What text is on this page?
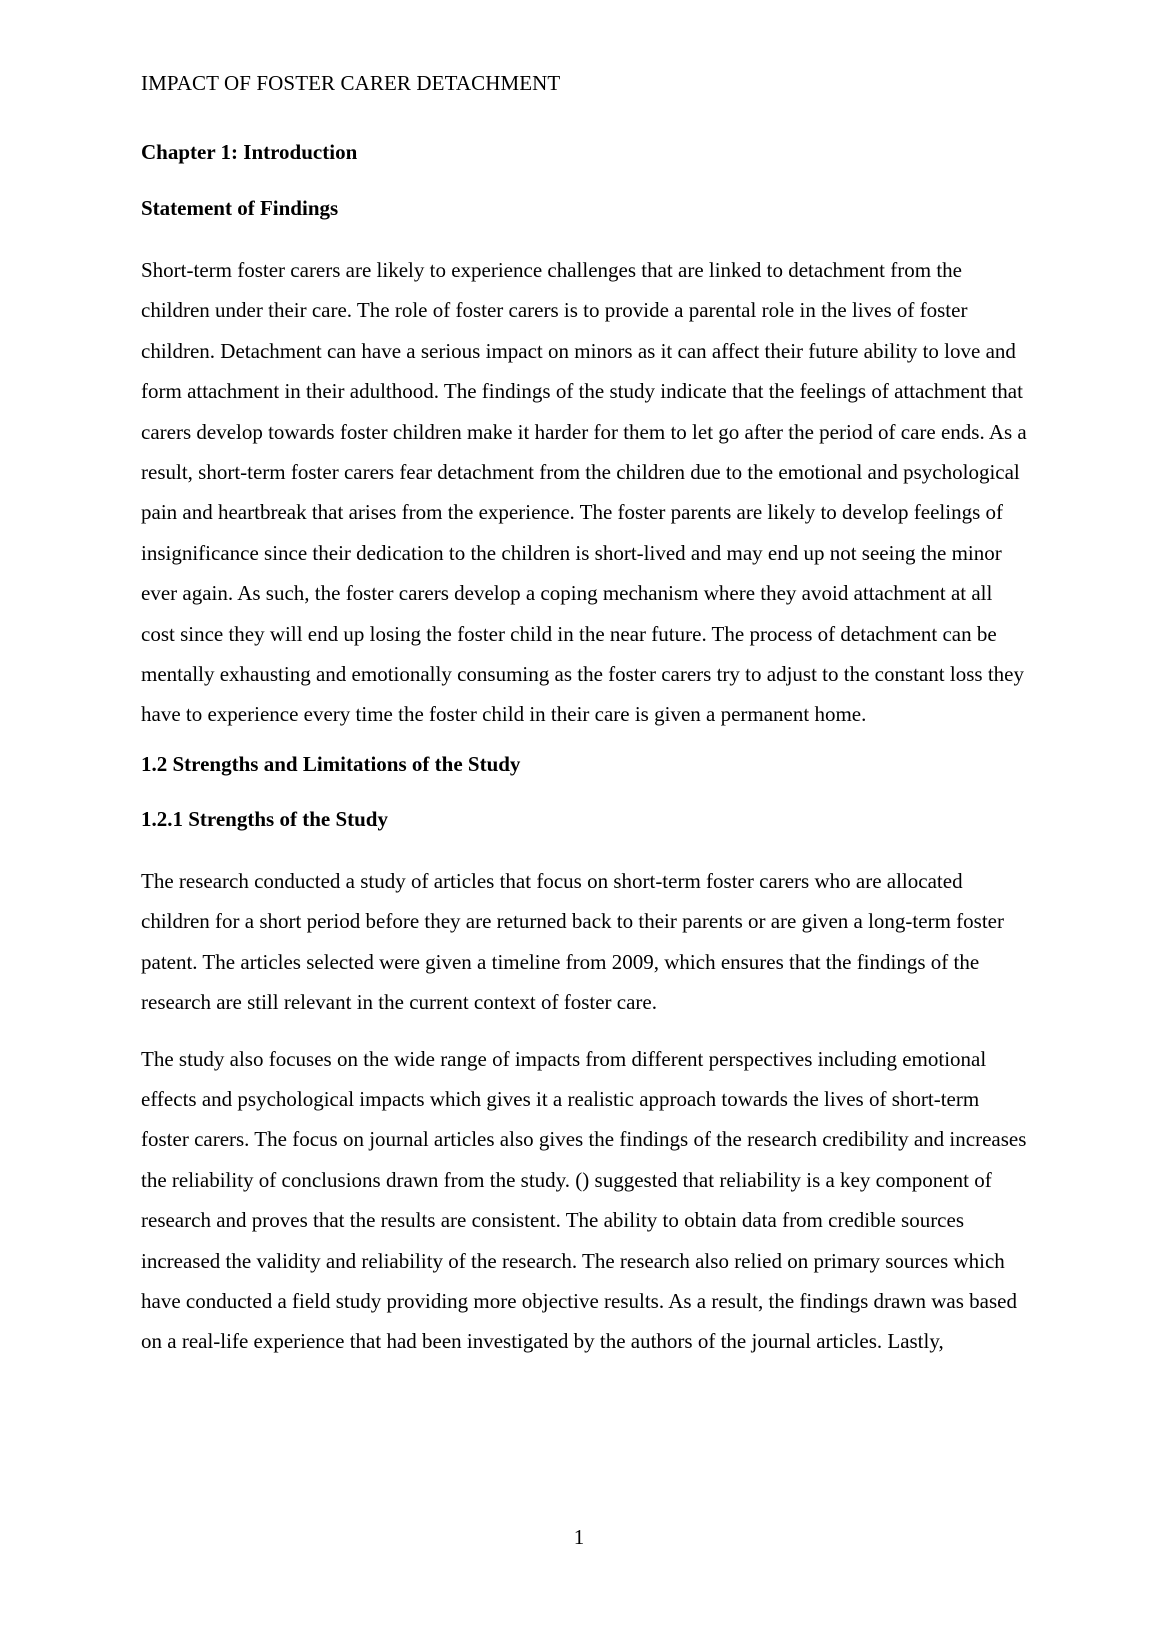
IMPACT OF FOSTER CARER DETACHMENT
Chapter 1: Introduction
Statement of Findings

Short-term foster carers are likely to experience challenges that are linked to detachment from the children under their care. The role of foster carers is to provide a parental role in the lives of foster children. Detachment can have a serious impact on minors as it can affect their future ability to love and form attachment in their adulthood. The findings of the study indicate that the feelings of attachment that carers develop towards foster children make it harder for them to let go after the period of care ends. As a result, short-term foster carers fear detachment from the children due to the emotional and psychological pain and heartbreak that arises from the experience. The foster parents are likely to develop feelings of insignificance since their dedication to the children is short-lived and may end up not seeing the minor ever again. As such, the foster carers develop a coping mechanism where they avoid attachment at all cost since they will end up losing the foster child in the near future. The process of detachment can be mentally exhausting and emotionally consuming as the foster carers try to adjust to the constant loss they have to experience every time the foster child in their care is given a permanent home.

1.2 Strengths and Limitations of the Study
1.2.1 Strengths of the Study

The research conducted a study of articles that focus on short-term foster carers who are allocated children for a short period before they are returned back to their parents or are given a long-term foster patent. The articles selected were given a timeline from 2009, which ensures that the findings of the research are still relevant in the current context of foster care.

The study also focuses on the wide range of impacts from different perspectives including emotional effects and psychological impacts which gives it a realistic approach towards the lives of short-term foster carers. The focus on journal articles also gives the findings of the research credibility and increases the reliability of conclusions drawn from the study. () suggested that reliability is a key component of research and proves that the results are consistent. The ability to obtain data from credible sources increased the validity and reliability of the research. The research also relied on primary sources which have conducted a field study providing more objective results. As a result, the findings drawn was based on a real-life experience that had been investigated by the authors of the journal articles. Lastly,

1
